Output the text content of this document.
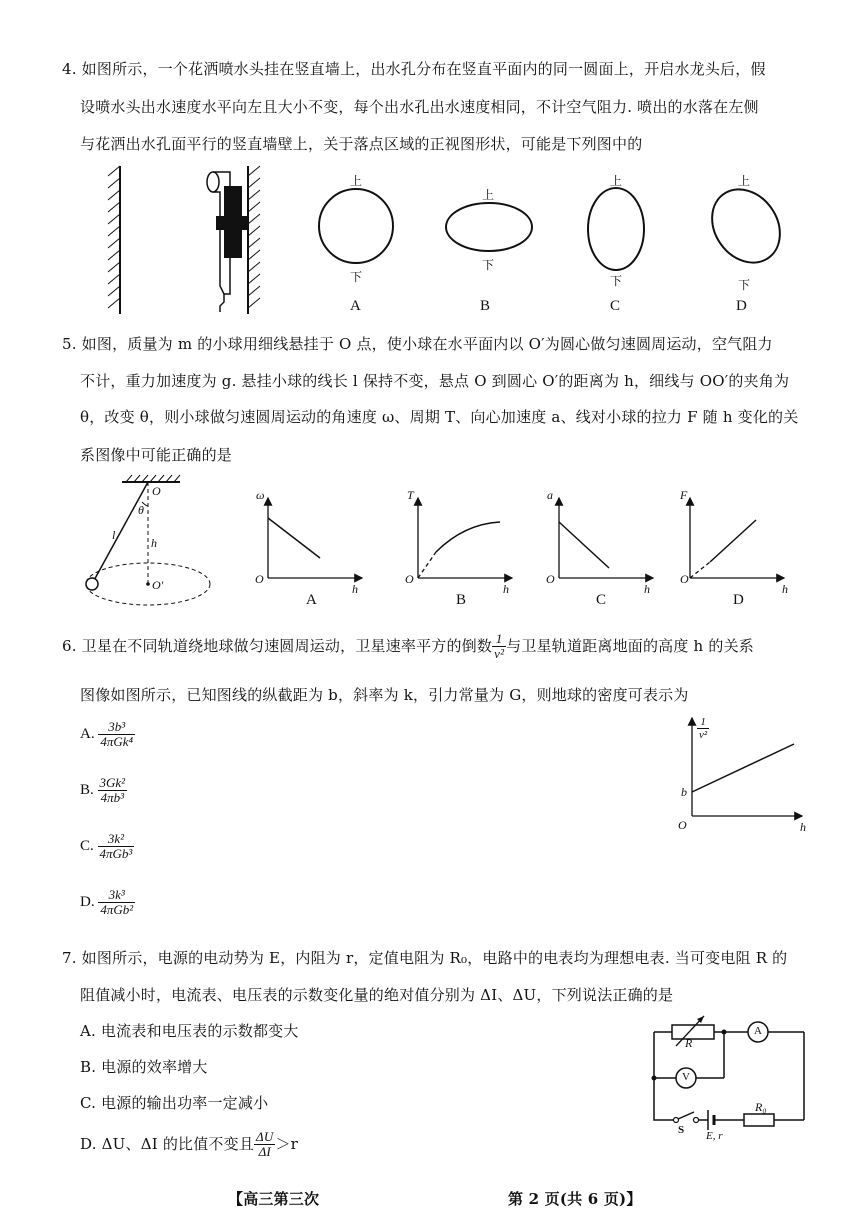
4. 如图所示，一个花洒喷水头挂在竖直墙上，出水孔分布在竖直平面内的同一圆面上，开启水龙头后，假
设喷水头出水速度水平向左且大小不变，每个出水孔出水速度相同，不计空气阻力. 喷出的水落在左侧
与花洒出水孔面平行的竖直墙壁上，关于落点区域的正视图形状，可能是下列图中的
上
下
上
下
上
下
上
下
A	B	C	D
5. 如图，质量为 m 的小球用细线悬挂于 O 点，使小球在水平面内以 O′为圆心做匀速圆周运动，空气阻力
不计，重力加速度为 g. 悬挂小球的线长 l 保持不变，悬点 O 到圆心 O′的距离为 h，细线与 OO′的夹角为
θ，改变 θ，则小球做匀速圆周运动的角速度 ω、周期 T、向心加速度 a、线对小球的拉力 F 随 h 变化的关
系图像中可能正确的是
O
θ
l
h
O′
ω
O
h
A
T
O
h
B
a
O
h
C
F
O
h
D
6. 卫星在不同轨道绕地球做匀速圆周运动，卫星速率平方的倒数 $\frac{1}{\text{v²}}$ 与卫星轨道距离地面的高度 h 的关系
图像如图所示，已知图线的纵截距为 b，斜率为 k，引力常量为 G，则地球的密度可表示为
A. $\frac{\text{3b³}}{\text{4πGk⁴}}$
B. $\frac{\text{3Gk²}}{\text{4πb³}}$
C. $\frac{\text{3k²}}{\text{4πGb³}}$
D. $\frac{\text{3k³}}{\text{4πGb²}}$
$\frac{1}{\text{v²}}$
b
O	h
7. 如图所示，电源的电动势为 E，内阻为 r，定值电阻为 R₀，电路中的电表均为理想电表. 当可变电阻 R 的
阻值减小时，电流表、电压表的示数变化量的绝对值分别为 ΔI、ΔU，下列说法正确的是
A. 电流表和电压表的示数都变大
B. 电源的效率增大
C. 电源的输出功率一定减小
D. ΔU、ΔI 的比值不变且 $\frac{\Delta U}{\Delta I} >r$
R
A
V
R₀
S E, r
【高三第三次	第 2 页(共 6 页)】
